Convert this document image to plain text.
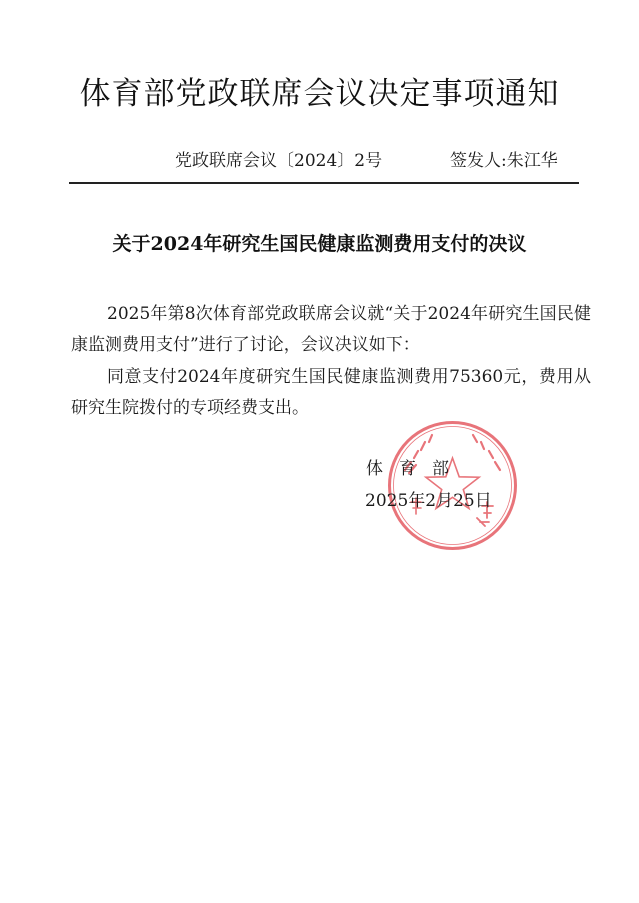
体育部党政联席会议决定事项通知
党政联席会议〔2024〕2号	签发人:朱江华
关于2024年研究生国民健康监测费用支付的决议

2025年第8次体育部党政联席会议就“关于2024年研究生国民健康监测费用支付”进行了讨论，会议决议如下：

同意支付2024年度研究生国民健康监测费用75360元，费用从研究生院拨付的专项经费支出。

体育部
2025年2月25日
